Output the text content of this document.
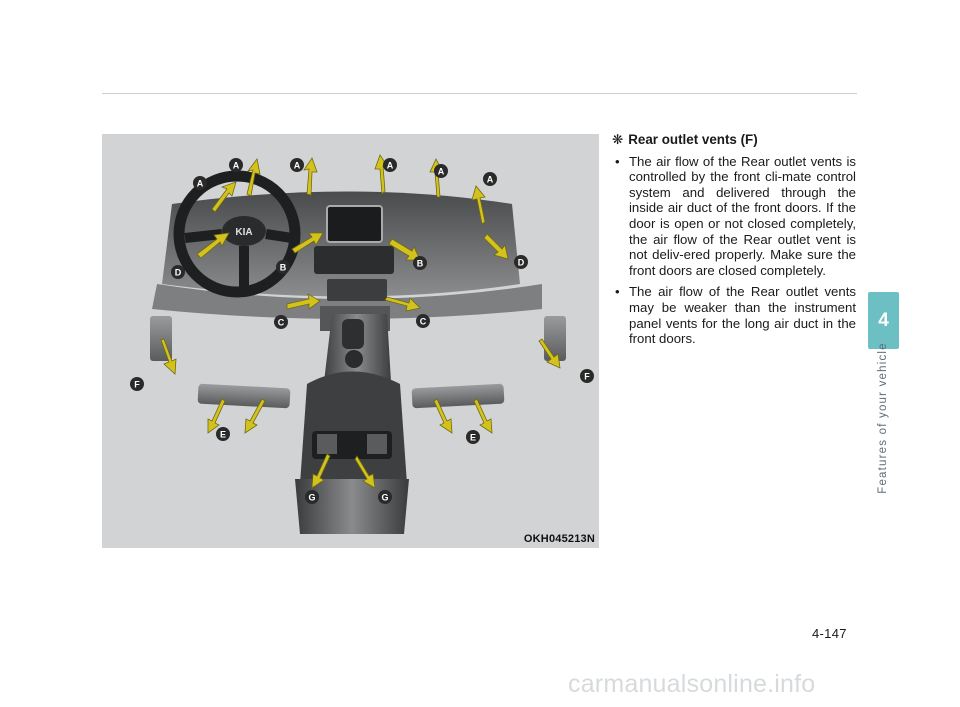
KIA
A
A	A	A
A
A
B	B
C	C
D
D
E	E
F
F
G	G
OKH045213N
❋ Rear outlet vents (F)
• The air flow of the Rear outlet vents is controlled by the front cli-mate control system and delivered through the inside air duct of the front doors. If the door is open or not closed completely, the air flow of the Rear outlet vent is not deliv-ered properly. Make sure the front doors are closed completely.
• The air flow of the Rear outlet vents may be weaker than the instrument panel vents for the long air duct in the front doors.
4
Features of your vehicle
4-147
carmanualsonline.info
